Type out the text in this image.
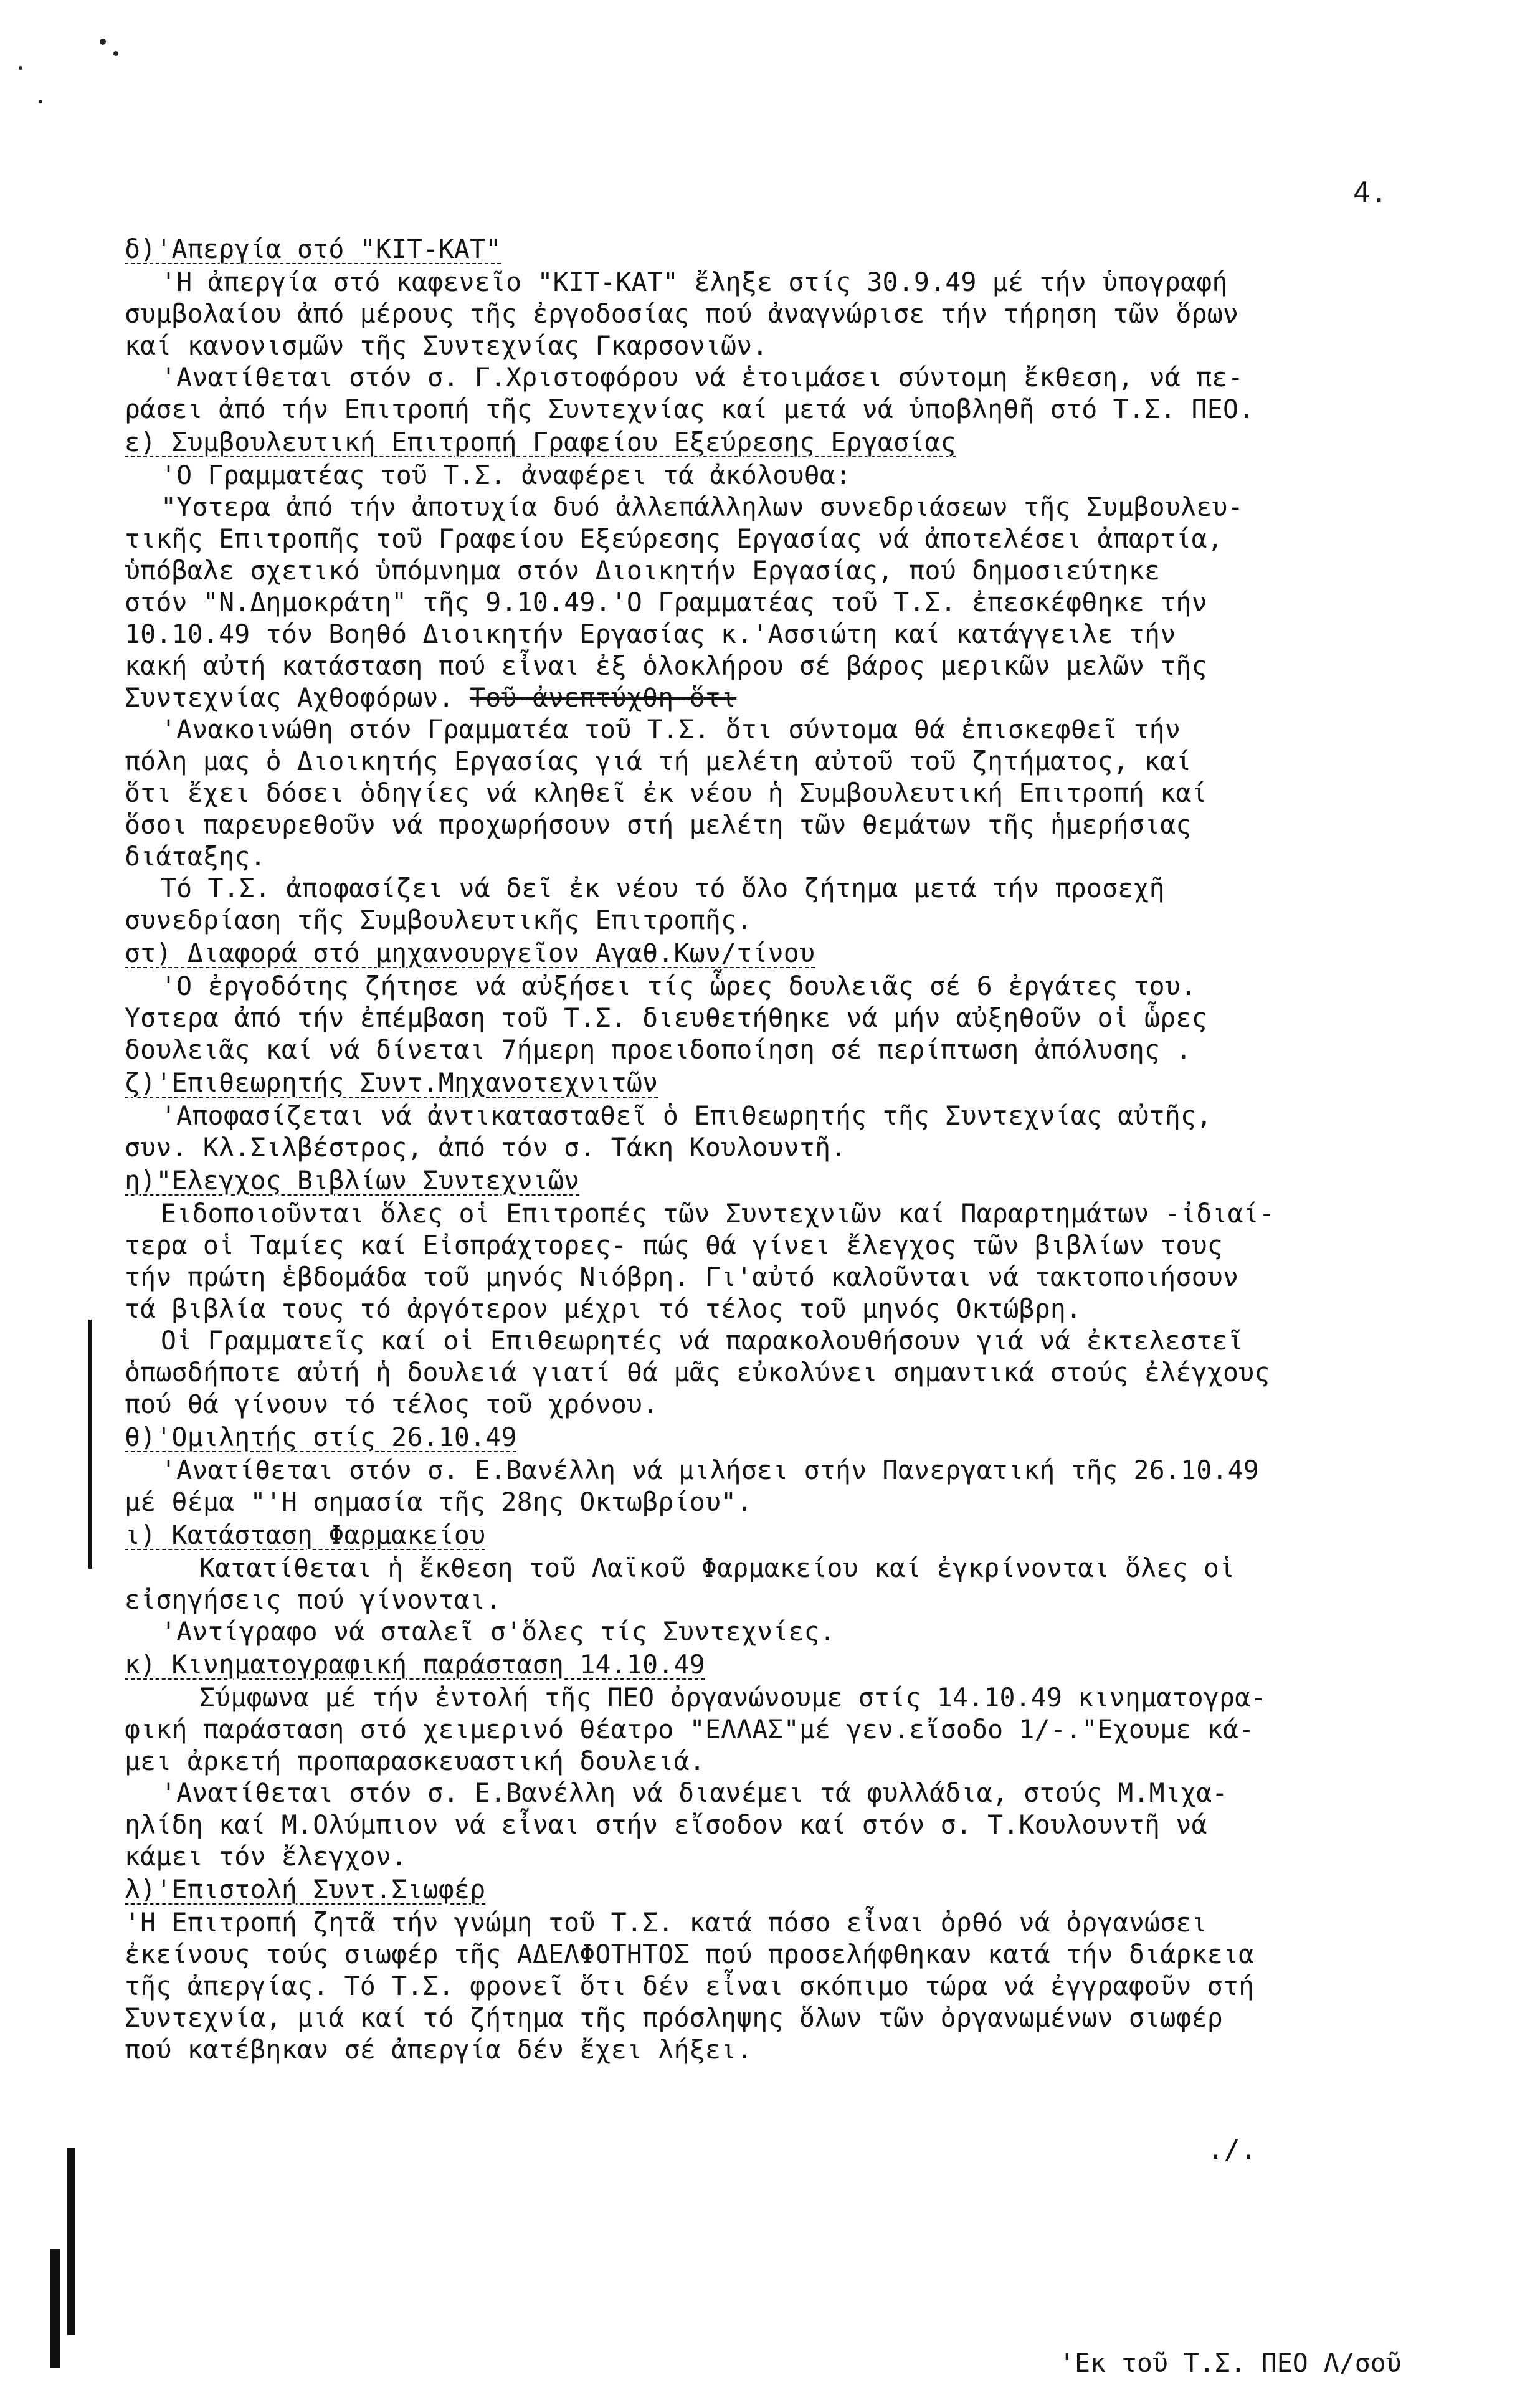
4.
δ)'Απεργία στό "ΚΙΤ-ΚΑΤ"
'Η ἀπεργία στό καφενεῖο "ΚΙΤ-ΚΑΤ" ἔληξε στίς 30.9.49 μέ τήν ὑπογραφή
συμβολαίου ἀπό μέρους τῆς ἐργοδοσίας πού ἀναγνώρισε τήν τήρηση τῶν ὅρων
καί κανονισμῶν τῆς Συντεχνίας Γκαρσονιῶν.
'Ανατίθεται στόν σ. Γ.Χριστοφόρου νά ἑτοιμάσει σύντομη ἔκθεση, νά πε-
ράσει ἀπό τήν Επιτροπή τῆς Συντεχνίας καί μετά νά ὑποβληθῆ στό Τ.Σ. ΠΕΟ.
ε) Συμβουλευτική Επιτροπή Γραφείου Εξεύρεσης Εργασίας
'Ο Γραμματέας τοῦ Τ.Σ. ἀναφέρει τά ἀκόλουθα:
"Υστερα ἀπό τήν ἀποτυχία δυό ἀλλεπάλληλων συνεδριάσεων τῆς Συμβουλευ-
τικῆς Επιτροπῆς τοῦ Γραφείου Εξεύρεσης Εργασίας νά ἀποτελέσει ἀπαρτία,
ὑπόβαλε σχετικό ὑπόμνημα στόν Διοικητήν Εργασίας, πού δημοσιεύτηκε
στόν "Ν.Δημοκράτη" τῆς 9.10.49.'Ο Γραμματέας τοῦ Τ.Σ. ἐπεσκέφθηκε τήν
10.10.49 τόν Βοηθό Διοικητήν Εργασίας κ.'Ασσιώτη καί κατάγγειλε τήν
κακή αὐτή κατάσταση πού εἶναι ἐξ ὁλοκλήρου σέ βάρος μερικῶν μελῶν τῆς
Συντεχνίας Αχθοφόρων. Τοῦ-ἀνεπτύχθη-ὅτι
'Ανακοινώθη στόν Γραμματέα τοῦ Τ.Σ. ὅτι σύντομα θά ἐπισκεφθεῖ τήν
πόλη μας ὁ Διοικητής Εργασίας γιά τή μελέτη αὐτοῦ τοῦ ζητήματος, καί
ὅτι ἔχει δόσει ὁδηγίες νά κληθεῖ ἐκ νέου ἡ Συμβουλευτική Επιτροπή καί
ὅσοι παρευρεθοῦν νά προχωρήσουν στή μελέτη τῶν θεμάτων τῆς ἡμερήσιας
διάταξης.
Τό Τ.Σ. ἀποφασίζει νά δεῖ ἐκ νέου τό ὅλο ζήτημα μετά τήν προσεχῆ
συνεδρίαση τῆς Συμβουλευτικῆς Επιτροπῆς.
στ) Διαφορά στό μηχανουργεῖον Αγαθ.Κων/τίνου
'Ο ἐργοδότης ζήτησε νά αὐξήσει τίς ὧρες δουλειᾶς σέ 6 ἐργάτες του.
Υστερα ἀπό τήν ἐπέμβαση τοῦ Τ.Σ. διευθετήθηκε νά μήν αὐξηθοῦν οἱ ὧρες
δουλειᾶς καί νά δίνεται 7ήμερη προειδοποίηση σέ περίπτωση ἀπόλυσης .
ζ)'Επιθεωρητής Συντ.Μηχανοτεχνιτῶν
'Αποφασίζεται νά ἀντικατασταθεῖ ὁ Επιθεωρητής τῆς Συντεχνίας αὐτῆς,
συν. Κλ.Σιλβέστρος, ἀπό τόν σ. Τάκη Κουλουντῆ.
η)"Ελεγχος Βιβλίων Συντεχνιῶν
Ειδοποιοῦνται ὅλες οἱ Επιτροπές τῶν Συντεχνιῶν καί Παραρτημάτων -ἰδιαί-
τερα οἱ Ταμίες καί Εἰσπράχτορες- πώς θά γίνει ἔλεγχος τῶν βιβλίων τους
τήν πρώτη ἑβδομάδα τοῦ μηνός Νιόβρη. Γι'αὐτό καλοῦνται νά τακτοποιήσουν
τά βιβλία τους τό ἀργότερον μέχρι τό τέλος τοῦ μηνός Οκτώβρη.
Οἱ Γραμματεῖς καί οἱ Επιθεωρητές νά παρακολουθήσουν γιά νά ἐκτελεστεῖ
ὁπωσδήποτε αὐτή ἡ δουλειά γιατί θά μᾶς εὐκολύνει σημαντικά στούς ἐλέγχους
πού θά γίνουν τό τέλος τοῦ χρόνου.
θ)'Ομιλητής στίς 26.10.49
'Ανατίθεται στόν σ. Ε.Βανέλλη νά μιλήσει στήν Πανεργατική τῆς 26.10.49
μέ θέμα "'Η σημασία τῆς 28ης Οκτωβρίου".
ι) Κατάσταση Φαρμακείου
Κατατίθεται ἡ ἔκθεση τοῦ Λαϊκοῦ Φαρμακείου καί ἐγκρίνονται ὅλες οἱ
εἰσηγήσεις πού γίνονται.
'Αντίγραφο νά σταλεῖ σ'ὅλες τίς Συντεχνίες.
κ) Κινηματογραφική παράσταση 14.10.49
Σύμφωνα μέ τήν ἐντολή τῆς ΠΕΟ ὀργανώνουμε στίς 14.10.49 κινηματογρα-
φική παράσταση στό χειμερινό θέατρο "ΕΛΛΑΣ"μέ γεν.εἴσοδο 1/-."Εχουμε κά-
μει ἀρκετή προπαρασκευαστική δουλειά.
'Ανατίθεται στόν σ. Ε.Βανέλλη νά διανέμει τά φυλλάδια, στούς Μ.Μιχα-
ηλίδη καί Μ.Ολύμπιον νά εἶναι στήν εἴσοδον καί στόν σ. Τ.Κουλουντῆ νά
κάμει τόν ἔλεγχον.
λ)'Επιστολή Συντ.Σιωφέρ
'Η Επιτροπή ζητᾶ τήν γνώμη τοῦ Τ.Σ. κατά πόσο εἶναι ὀρθό νά ὀργανώσει
ἐκείνους τούς σιωφέρ τῆς ΑΔΕΛΦΟΤΗΤΟΣ πού προσελήφθηκαν κατά τήν διάρκεια
τῆς ἀπεργίας. Τό Τ.Σ. φρονεῖ ὅτι δέν εἶναι σκόπιμο τώρα νά ἐγγραφοῦν στή
Συντεχνία, μιά καί τό ζήτημα τῆς πρόσληψης ὅλων τῶν ὀργανωμένων σιωφέρ
πού κατέβηκαν σέ ἀπεργία δέν ἔχει λήξει.
./.
'Εκ τοῦ Τ.Σ. ΠΕΟ Λ/σοῦ
